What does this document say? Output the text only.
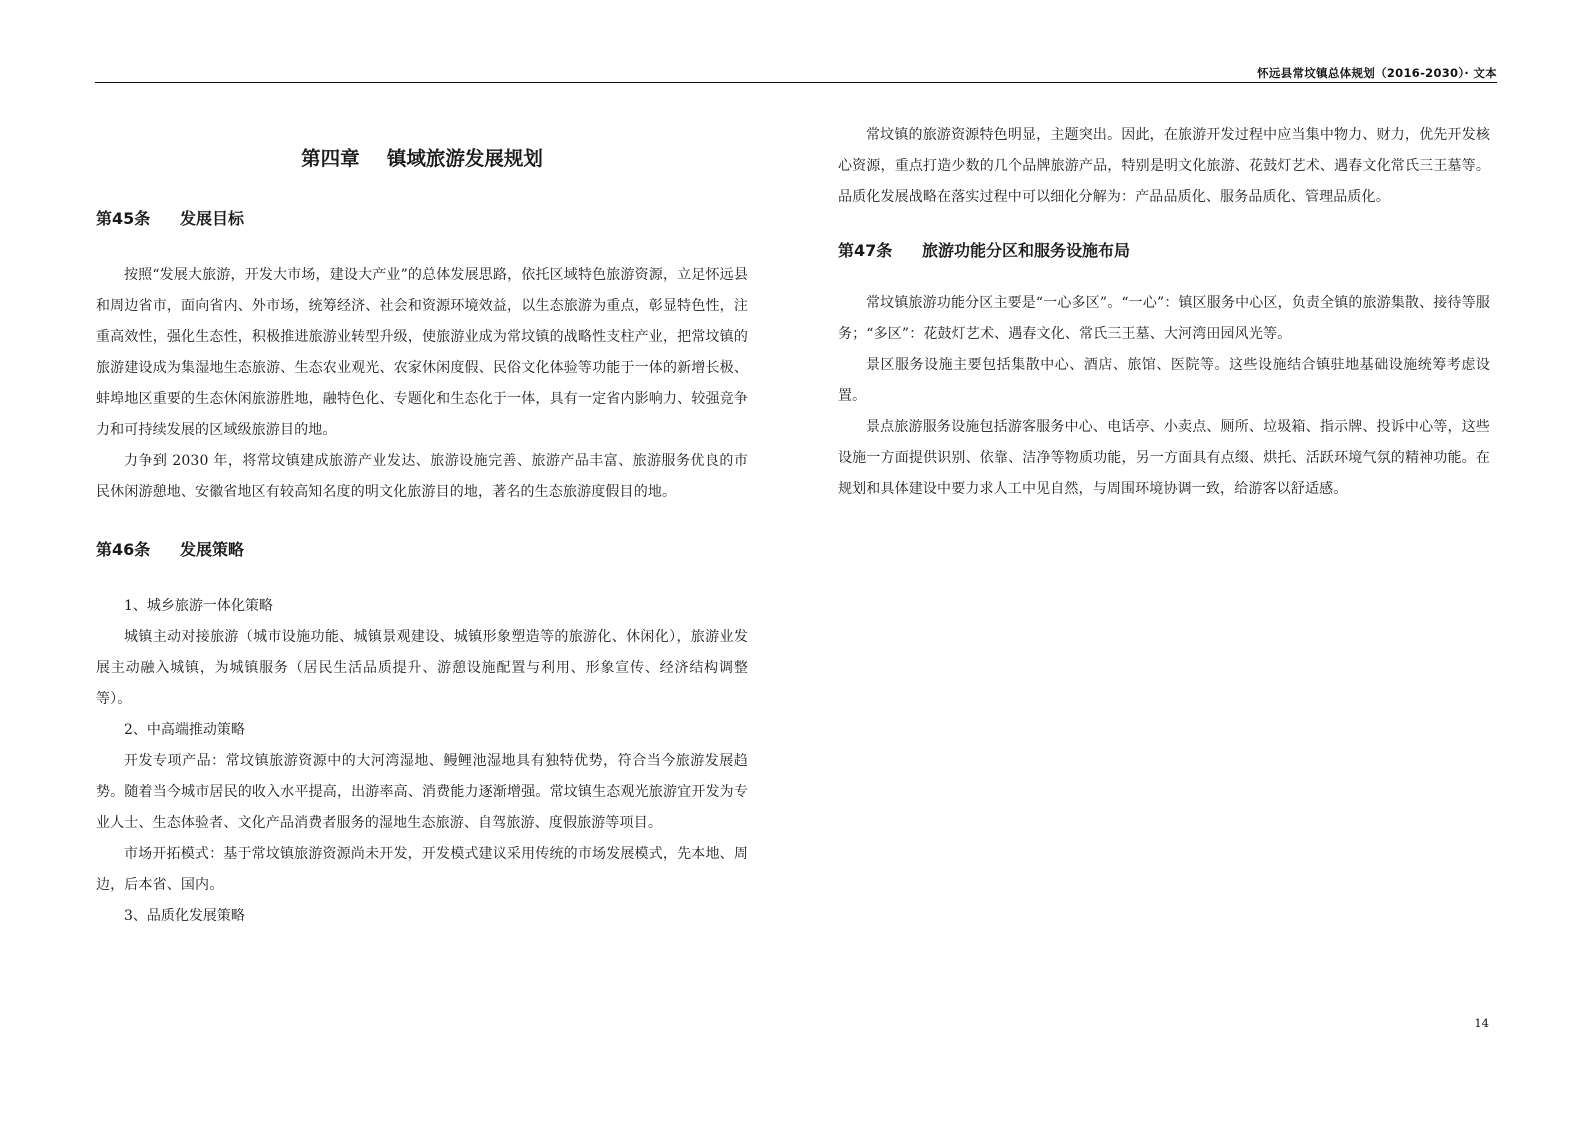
怀远县常坟镇总体规划（2016-2030）· 文本
第四章    镇域旅游发展规划
第45条 发展目标

按照“发展大旅游，开发大市场，建设大产业”的总体发展思路，依托区域特色旅游资源，立足怀远县和周边省市，面向省内、外市场，统筹经济、社会和资源环境效益，以生态旅游为重点，彰显特色性，注重高效性，强化生态性，积极推进旅游业转型升级，使旅游业成为常坟镇的战略性支柱产业，把常坟镇的旅游建设成为集湿地生态旅游、生态农业观光、农家休闲度假、民俗文化体验等功能于一体的新增长极、蚌埠地区重要的生态休闲旅游胜地，融特色化、专题化和生态化于一体，具有一定省内影响力、较强竞争力和可持续发展的区域级旅游目的地。

力争到 2030 年，将常坟镇建成旅游产业发达、旅游设施完善、旅游产品丰富、旅游服务优良的市民休闲游憩地、安徽省地区有较高知名度的明文化旅游目的地，著名的生态旅游度假目的地。

第46条 发展策略

1、城乡旅游一体化策略

城镇主动对接旅游（城市设施功能、城镇景观建设、城镇形象塑造等的旅游化、休闲化），旅游业发展主动融入城镇，为城镇服务（居民生活品质提升、游憩设施配置与利用、形象宣传、经济结构调整等）。

2、中高端推动策略

开发专项产品：常坟镇旅游资源中的大河湾湿地、鳗鲤池湿地具有独特优势，符合当今旅游发展趋势。随着当今城市居民的收入水平提高，出游率高、消费能力逐渐增强。常坟镇生态观光旅游宜开发为专业人士、生态体验者、文化产品消费者服务的湿地生态旅游、自驾旅游、度假旅游等项目。

市场开拓模式：基于常坟镇旅游资源尚未开发，开发模式建议采用传统的市场发展模式，先本地、周边，后本省、国内。

3、品质化发展策略

常坟镇的旅游资源特色明显，主题突出。因此，在旅游开发过程中应当集中物力、财力，优先开发核心资源，重点打造少数的几个品牌旅游产品，特别是明文化旅游、花鼓灯艺术、遇春文化常氏三王墓等。品质化发展战略在落实过程中可以细化分解为：产品品质化、服务品质化、管理品质化。

第47条 旅游功能分区和服务设施布局

常坟镇旅游功能分区主要是“一心多区”。“一心”：镇区服务中心区，负责全镇的旅游集散、接待等服务；“多区”：花鼓灯艺术、遇春文化、常氏三王墓、大河湾田园风光等。

景区服务设施主要包括集散中心、酒店、旅馆、医院等。这些设施结合镇驻地基础设施统筹考虑设置。

景点旅游服务设施包括游客服务中心、电话亭、小卖点、厕所、垃圾箱、指示牌、投诉中心等，这些设施一方面提供识别、依靠、洁净等物质功能，另一方面具有点缀、烘托、活跃环境气氛的精神功能。在规划和具体建设中要力求人工中见自然，与周围环境协调一致，给游客以舒适感。

14
